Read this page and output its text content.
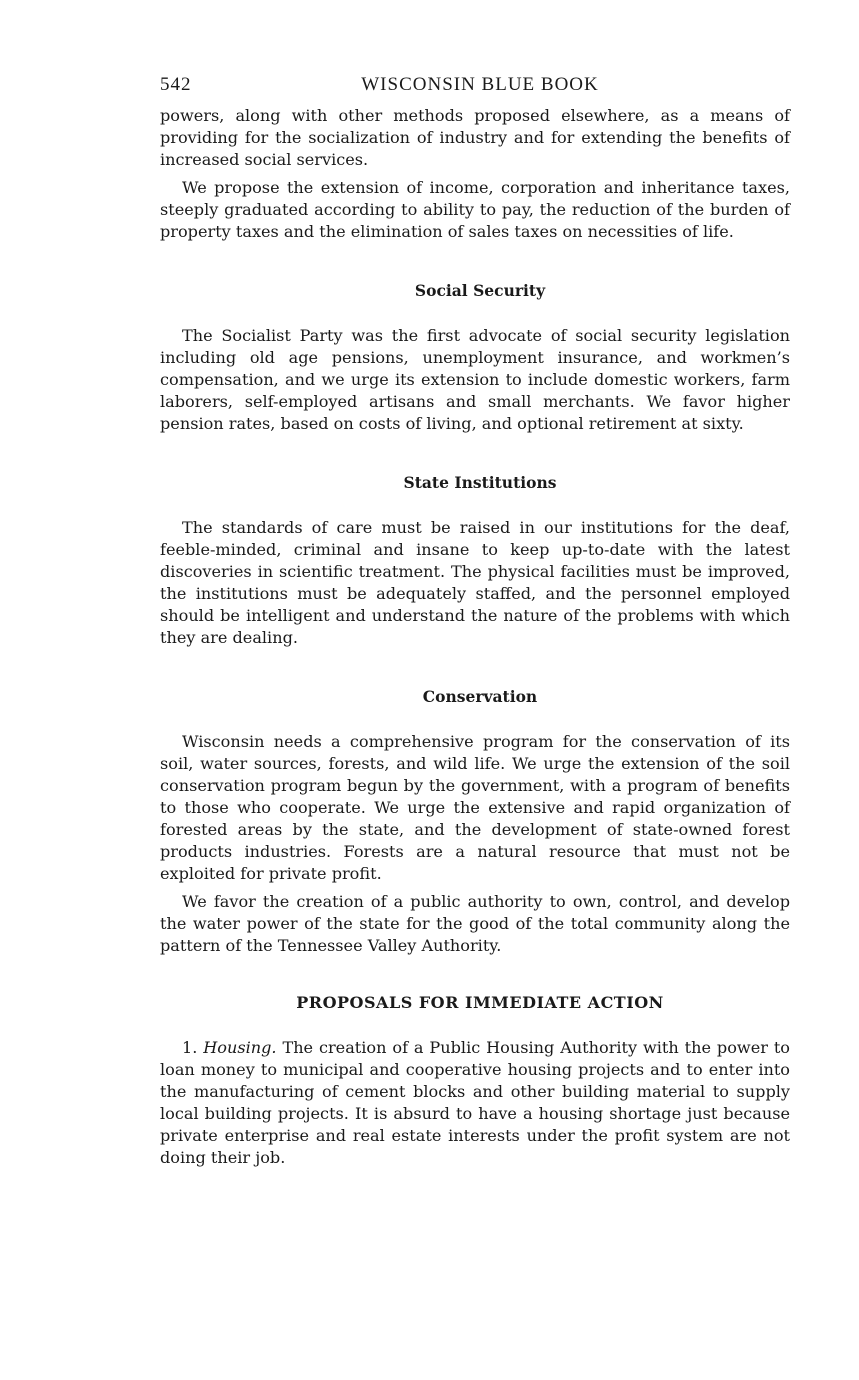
542	WISCONSIN BLUE BOOK

powers, along with other methods proposed elsewhere, as a means of providing for the socialization of industry and for extending the benefits of increased social services.

We propose the extension of income, corporation and inheritance taxes, steeply graduated according to ability to pay, the reduction of the burden of property taxes and the elimination of sales taxes on necessities of life.

Social Security

The Socialist Party was the first advocate of social security legislation including old age pensions, unemployment insurance, and workmen’s compensation, and we urge its extension to include domestic workers, farm laborers, self-employed artisans and small merchants. We favor higher pension rates, based on costs of living, and optional retirement at sixty.

State Institutions

The standards of care must be raised in our institutions for the deaf, feeble-minded, criminal and insane to keep up-to-date with the latest discoveries in scientific treatment. The physical facilities must be improved, the institutions must be adequately staffed, and the personnel employed should be intelligent and understand the nature of the problems with which they are dealing.

Conservation

Wisconsin needs a comprehensive program for the conservation of its soil, water sources, forests, and wild life. We urge the extension of the soil conservation program begun by the government, with a program of benefits to those who cooperate. We urge the extensive and rapid organization of forested areas by the state, and the development of state-owned forest products industries. Forests are a natural resource that must not be exploited for private profit.

We favor the creation of a public authority to own, control, and develop the water power of the state for the good of the total community along the pattern of the Tennessee Valley Authority.

PROPOSALS FOR IMMEDIATE ACTION

1. Housing. The creation of a Public Housing Authority with the power to loan money to municipal and cooperative housing projects and to enter into the manufacturing of cement blocks and other building material to supply local building projects. It is absurd to have a housing shortage just because private enterprise and real estate interests under the profit system are not doing their job.
